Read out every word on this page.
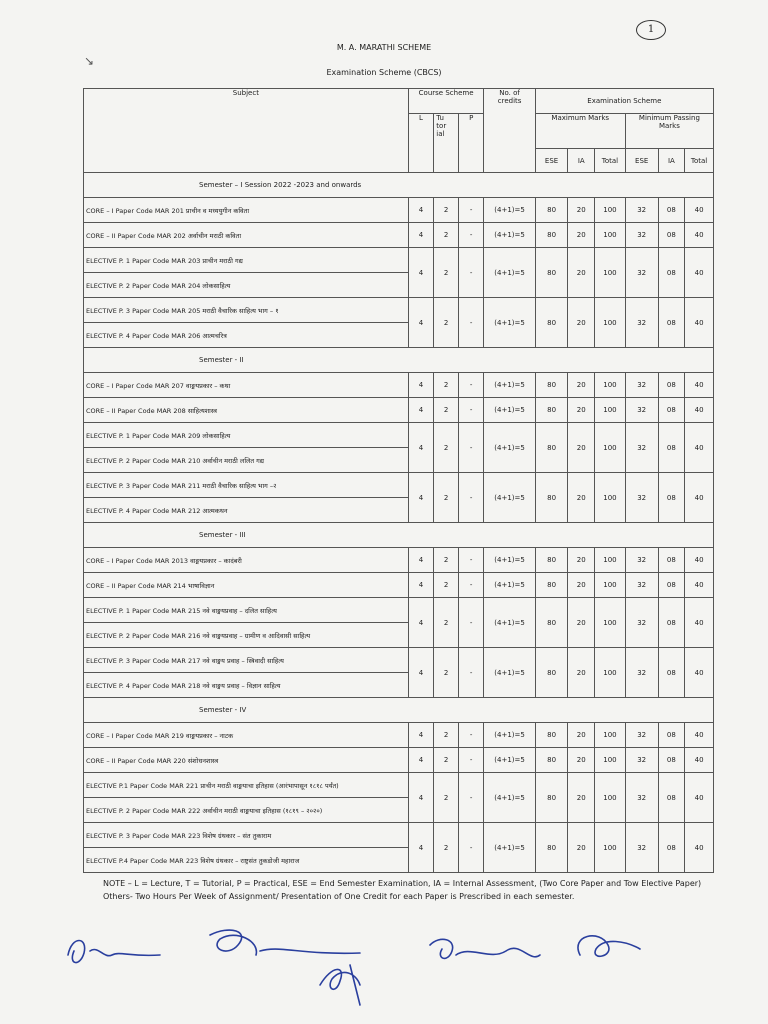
1
↘
M. A. MARATHI SCHEME
Examination Scheme (CBCS)
Subject	Course Scheme			No. of credits	Examination Scheme					
	L	Tu tor ial	P		Maximum Marks			Minimum Passing Marks		
					ESE	IA	Total	ESE	IA	Total
Semester – I Session 2022 -2023 and onwards										
CORE – I Paper Code MAR 201 प्राचीन व मध्ययुगीन कविता	4	2	-	(4+1)=5	80	20	100	32	08	40
CORE – II Paper Code MAR 202 अर्वाचीन मराठी कविता	4	2	-	(4+1)=5	80	20	100	32	08	40
ELECTIVE P. 1 Paper Code MAR 203 प्राचीन मराठी गद्य	4	2	-	(4+1)=5	80	20	100	32	08	40
ELECTIVE P. 2 Paper Code MAR 204 लोकसाहित्य										
ELECTIVE P. 3 Paper Code MAR 205 मराठी वैचारिक साहित्य भाग – १	4	2	-	(4+1)=5	80	20	100	32	08	40
ELECTIVE P. 4 Paper Code MAR 206 आत्मचरित्र										
Semester - II										
CORE – I Paper Code MAR 207 वाङ्मयप्रकार – कथा	4	2	-	(4+1)=5	80	20	100	32	08	40
CORE – II Paper Code MAR 208 साहित्यशास्त्र	4	2	-	(4+1)=5	80	20	100	32	08	40
ELECTIVE P. 1 Paper Code MAR 209 लोकसाहित्य	4	2	-	(4+1)=5	80	20	100	32	08	40
ELECTIVE P. 2 Paper Code MAR 210 अर्वाचीन मराठी ललित गद्य										
ELECTIVE P. 3 Paper Code MAR 211 मराठी वैचारिक साहित्य भाग –२	4	2	-	(4+1)=5	80	20	100	32	08	40
ELECTIVE P. 4 Paper Code MAR 212 आत्मकथन										
Semester - III										
CORE – I Paper Code MAR 2013 वाङ्मयप्रकार – कादंबरी	4	2	-	(4+1)=5	80	20	100	32	08	40
CORE – II Paper Code MAR 214 भाषाविज्ञान	4	2	-	(4+1)=5	80	20	100	32	08	40
ELECTIVE P. 1 Paper Code MAR 215 नवे वाङ्मयप्रवाह – दलित साहित्य	4	2	-	(4+1)=5	80	20	100	32	08	40
ELECTIVE P. 2 Paper Code MAR 216 नवे वाङ्मयप्रवाह – ग्रामीण व आदिवासी साहित्य										
ELECTIVE P. 3 Paper Code MAR 217 नवे वाङ्मय प्रवाह – स्त्रिवादी साहित्य	4	2	-	(4+1)=5	80	20	100	32	08	40
ELECTIVE P. 4 Paper Code MAR 218 नवे वाङ्मय प्रवाह – विज्ञान साहित्य										
Semester - IV										
CORE – I Paper Code MAR 219 वाङ्मयप्रकार – नाटक	4	2	-	(4+1)=5	80	20	100	32	08	40
CORE – II Paper Code MAR 220 संशोधनशास्त्र	4	2	-	(4+1)=5	80	20	100	32	08	40
ELECTIVE P.1 Paper Code MAR 221 प्राचीन मराठी वाङ्मयाचा इतिहास (आरंभापासून १८१८ पर्यंत)	4	2	-	(4+1)=5	80	20	100	32	08	40
ELECTIVE P. 2 Paper Code MAR 222 अर्वाचीन मराठी वाङ्मयाचा इतिहास (१८१९ – २०२०)										
ELECTIVE P. 3 Paper Code MAR 223 विशेष ग्रंथकार – संत तुकाराम	4	2	-	(4+1)=5	80	20	100	32	08	40
ELECTIVE P.4 Paper Code MAR 223 विशेष ग्रंथकार – राष्ट्रसंत तुकडोजी महाराज										
NOTE – L = Lecture, T = Tutorial, P = Practical, ESE = End Semester Examination, IA = Internal Assessment, (Two Core Paper and Tow Elective Paper) Others- Two Hours Per Week of Assignment/ Presentation of One Credit for each Paper is Prescribed in each semester.
